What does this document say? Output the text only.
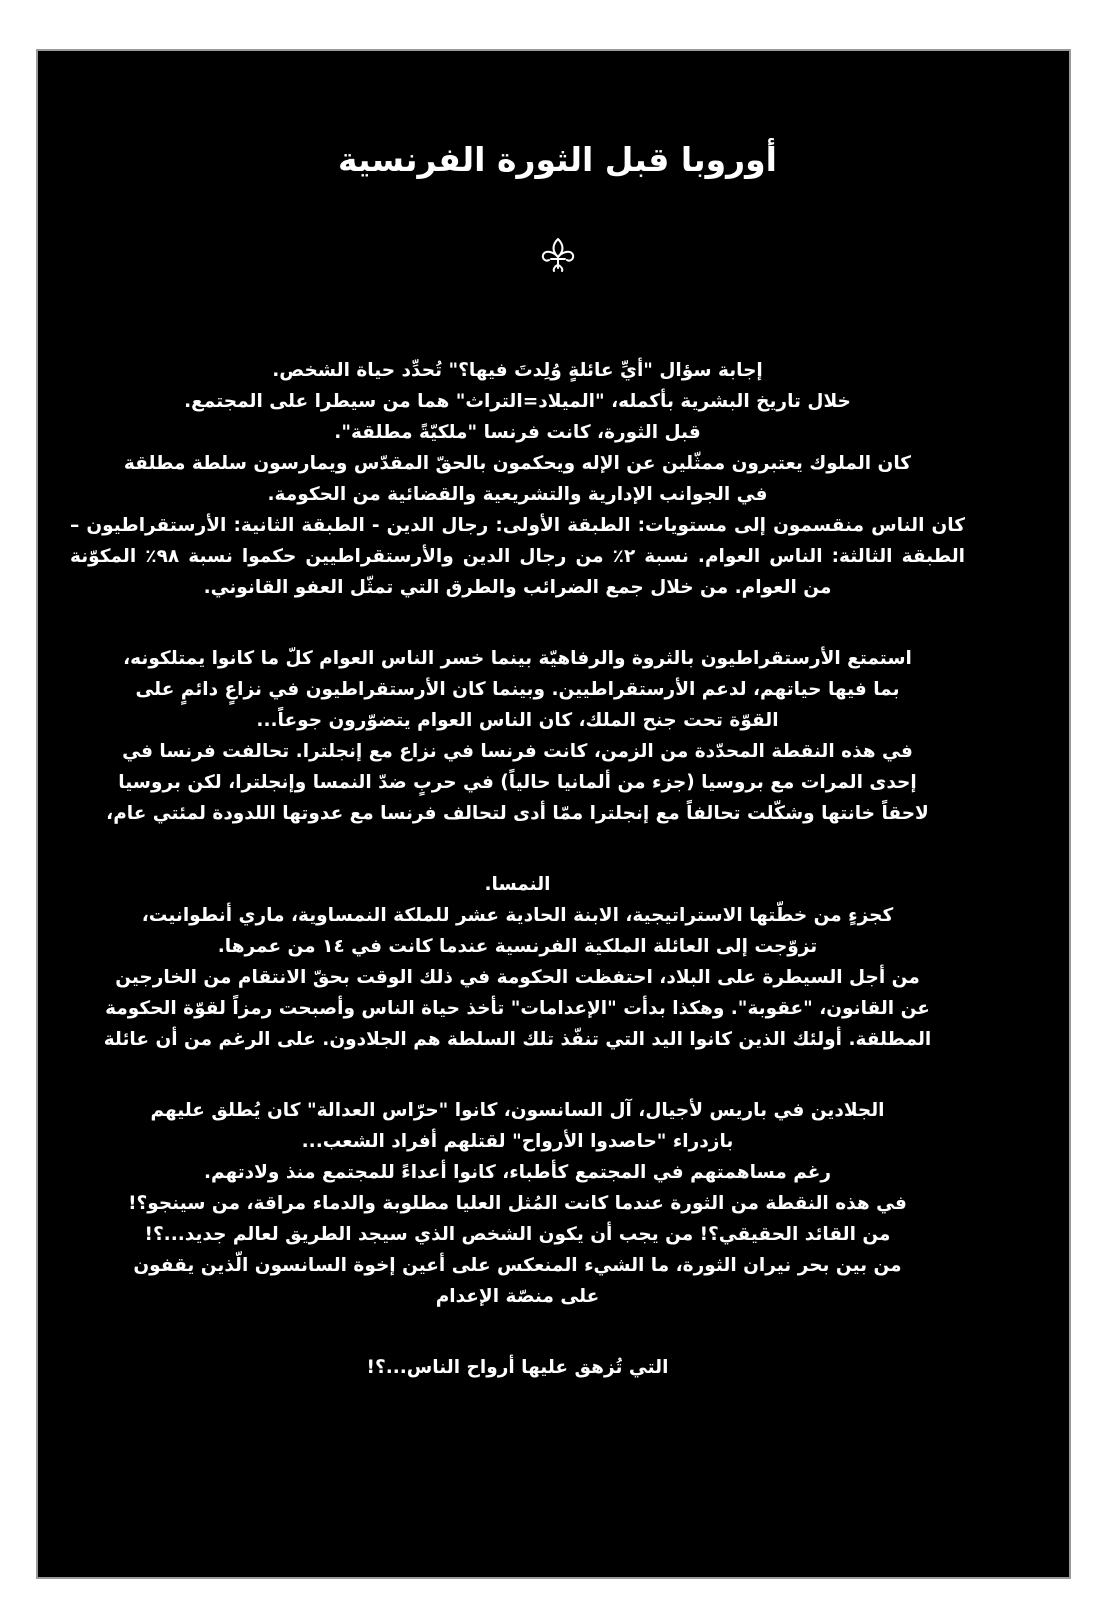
أوروبا قبل الثورة الفرنسية
إجابة سؤال "أيِّ عائلةٍ وُلِدتَ فيها؟" تُحدِّد حياة الشخص.
خلال تاريخ البشرية بأكمله، "الميلاد=التراث" هما من سيطرا على المجتمع.
قبل الثورة، كانت فرنسا "ملكيّةً مطلقة".
كان الملوك يعتبرون ممثّلين عن الإله ويحكمون بالحقّ المقدّس ويمارسون سلطة مطلقة
في الجوانب الإدارية والتشريعية والقضائية من الحكومة.
كان الناس منقسمون إلى مستويات: الطبقة الأولى: رجال الدين - الطبقة الثانية: الأرستقراطيون –
الطبقة الثالثة: الناس العوام. نسبة ٢٪ من رجال الدين والأرستقراطيين حكموا نسبة ٩٨٪ المكوّنة
من العوام. من خلال جمع الضرائب والطرق التي تمثّل العفو القانوني.
استمتع الأرستقراطيون بالثروة والرفاهيّة بينما خسر الناس العوام كلّ ما كانوا يمتلكونه،
بما فيها حياتهم، لدعم الأرستقراطيين. وبينما كان الأرستقراطيون في نزاعٍ دائمٍ على
القوّة تحت جنح الملك، كان الناس العوام يتضوّرون جوعاً...
في هذه النقطة المحدّدة من الزمن، كانت فرنسا في نزاع مع إنجلترا. تحالفت فرنسا في
إحدى المرات مع بروسيا (جزء من ألمانيا حالياً) في حربٍ ضدّ النمسا وإنجلترا، لكن بروسيا
لاحقاً خانتها وشكّلت تحالفاً مع إنجلترا ممّا أدى لتحالف فرنسا مع عدوتها اللدودة لمئتي عام،
النمسا.
كجزءٍ من خطّتها الاستراتيجية، الابنة الحادية عشر للملكة النمساوية، ماري أنطوانيت،
تزوّجت إلى العائلة الملكية الفرنسية عندما كانت في ١٤ من عمرها.
من أجل السيطرة على البلاد، احتفظت الحكومة في ذلك الوقت بحقّ الانتقام من الخارجين
عن القانون، "عقوبة". وهكذا بدأت "الإعدامات" تأخذ حياة الناس وأصبحت رمزاً لقوّة الحكومة
المطلقة. أولئك الذين كانوا اليد التي تنفّذ تلك السلطة هم الجلادون. على الرغم من أن عائلة
الجلادين في باريس لأجيال، آل السانسون، كانوا "حرّاس العدالة" كان يُطلق عليهم
بازدراء "حاصدوا الأرواح" لقتلهم أفراد الشعب...
رغم مساهمتهم في المجتمع كأطباء، كانوا أعداءً للمجتمع منذ ولادتهم.
في هذه النقطة من الثورة عندما كانت المُثل العليا مطلوبة والدماء مراقة، من سينجو؟!
من القائد الحقيقي؟! من يجب أن يكون الشخص الذي سيجد الطريق لعالم جديد...؟!
من بين بحر نيران الثورة، ما الشيء المنعكس على أعين إخوة السانسون الّذين يقفون
على منصّة الإعدام
التي تُزهق عليها أرواح الناس...؟!
